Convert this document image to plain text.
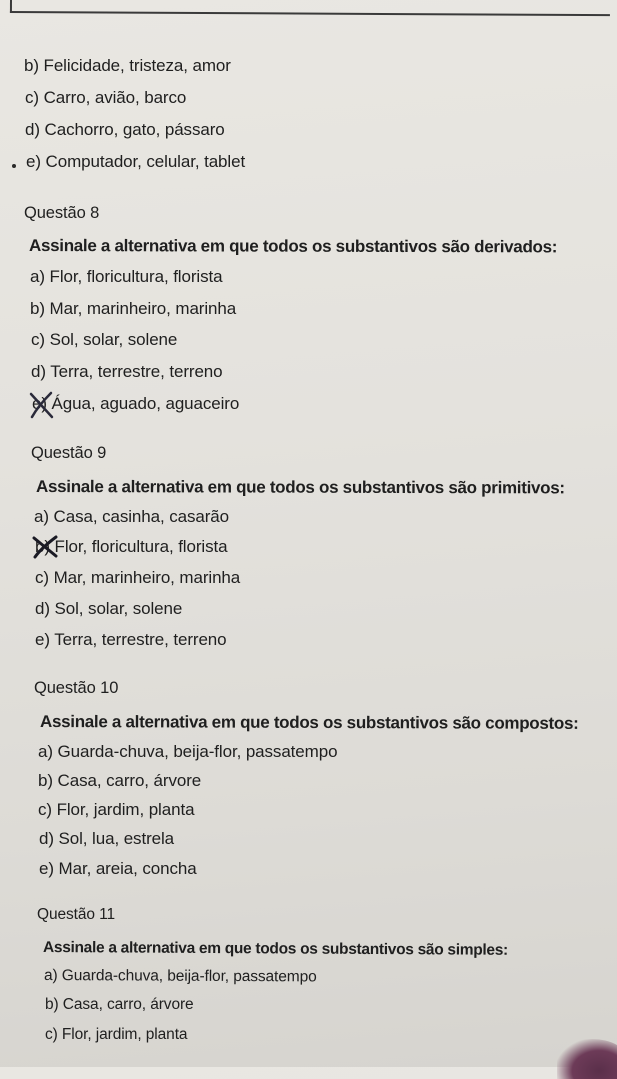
b) Felicidade, tristeza, amor
c) Carro, avião, barco
d) Cachorro, gato, pássaro
e) Computador, celular, tablet
Questão 8
Assinale a alternativa em que todos os substantivos são derivados:
a) Flor, floricultura, florista
b) Mar, marinheiro, marinha
c) Sol, solar, solene
d) Terra, terrestre, terreno
e) Água, aguado, aguaceiro
Questão 9
Assinale a alternativa em que todos os substantivos são primitivos:
a) Casa, casinha, casarão
b) Flor, floricultura, florista
c) Mar, marinheiro, marinha
d) Sol, solar, solene
e) Terra, terrestre, terreno
Questão 10
Assinale a alternativa em que todos os substantivos são compostos:
a) Guarda-chuva, beija-flor, passatempo
b) Casa, carro, árvore
c) Flor, jardim, planta
d) Sol, lua, estrela
e) Mar, areia, concha
Questão 11
Assinale a alternativa em que todos os substantivos são simples:
a) Guarda-chuva, beija-flor, passatempo
b) Casa, carro, árvore
c) Flor, jardim, planta
